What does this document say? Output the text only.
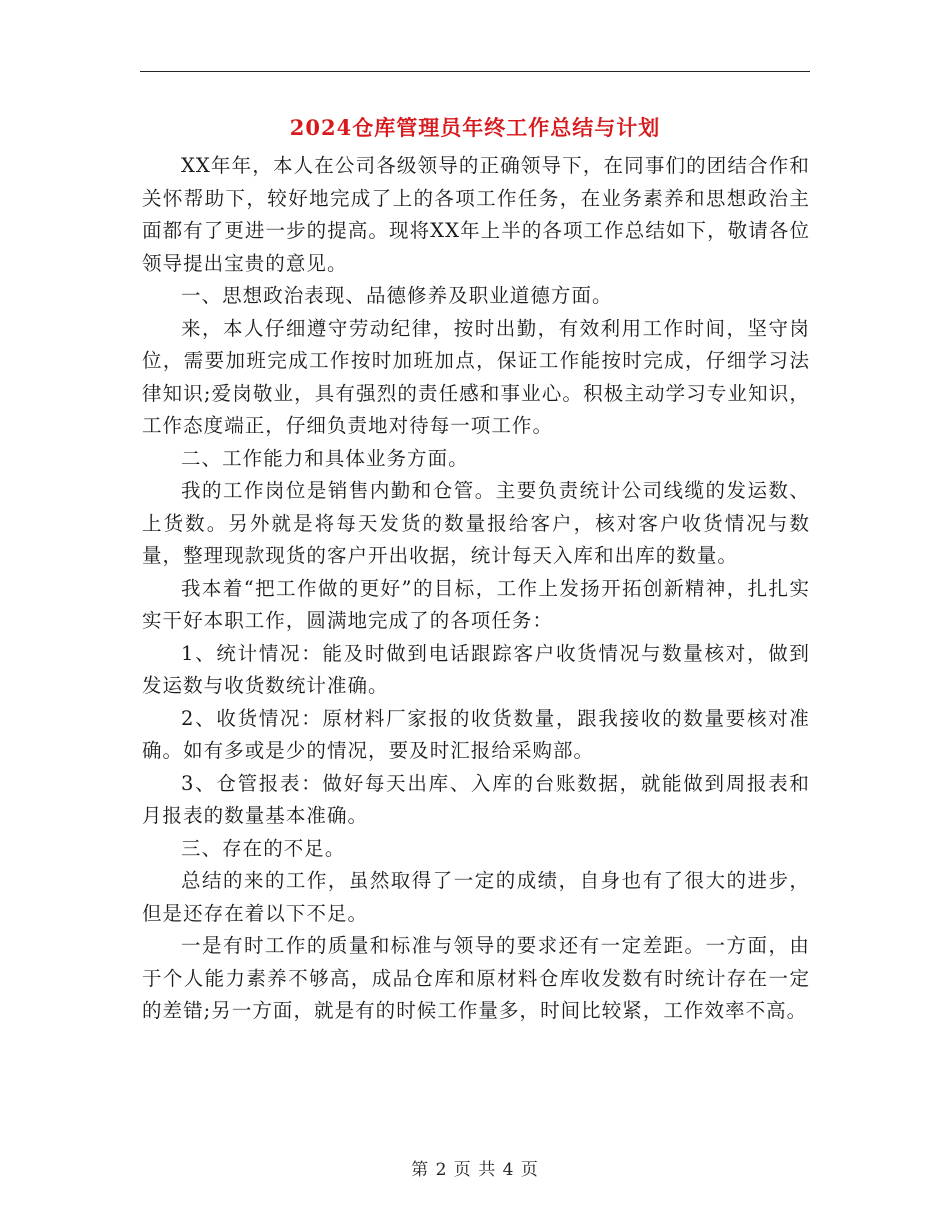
2024仓库管理员年终工作总结与计划

XX年年，本人在公司各级领导的正确领导下，在同事们的团结合作和关怀帮助下，较好地完成了上的各项工作任务，在业务素养和思想政治主面都有了更进一步的提高。现将XX年上半的各项工作总结如下，敬请各位领导提出宝贵的意见。

一、思想政治表现、品德修养及职业道德方面。

来，本人仔细遵守劳动纪律，按时出勤，有效利用工作时间，坚守岗位，需要加班完成工作按时加班加点，保证工作能按时完成，仔细学习法律知识;爱岗敬业，具有强烈的责任感和事业心。积极主动学习专业知识，工作态度端正，仔细负责地对待每一项工作。

二、工作能力和具体业务方面。

我的工作岗位是销售内勤和仓管。主要负责统计公司线缆的发运数、上货数。另外就是将每天发货的数量报给客户，核对客户收货情况与数量，整理现款现货的客户开出收据，统计每天入库和出库的数量。

我本着“把工作做的更好”的目标，工作上发扬开拓创新精神，扎扎实实干好本职工作，圆满地完成了的各项任务：

1、统计情况：能及时做到电话跟踪客户收货情况与数量核对，做到发运数与收货数统计准确。

2、收货情况：原材料厂家报的收货数量，跟我接收的数量要核对准确。如有多或是少的情况，要及时汇报给采购部。

3、仓管报表：做好每天出库、入库的台账数据，就能做到周报表和月报表的数量基本准确。

三、存在的不足。

总结的来的工作，虽然取得了一定的成绩，自身也有了很大的进步，但是还存在着以下不足。

一是有时工作的质量和标准与领导的要求还有一定差距。一方面，由于个人能力素养不够高，成品仓库和原材料仓库收发数有时统计存在一定的差错;另一方面，就是有的时候工作量多，时间比较紧，工作效率不高。

第 2 页 共 4 页
